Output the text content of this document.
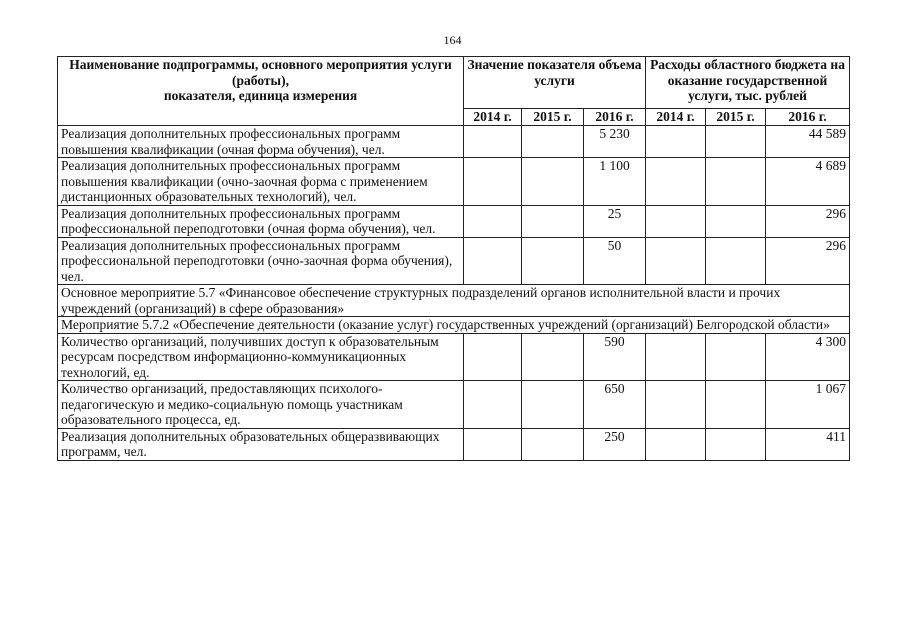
164
Наименование подпрограммы, основного мероприятия услуги (работы),
показателя, единица измерения	Значение показателя объема услуги			Расходы областного бюджета на оказание государственной услуги, тыс. рублей		
	2014 г.	2015 г.	2016 г.	2014 г.	2015 г.	2016 г.
Реализация дополнительных профессиональных программ повышения квалификации (очная форма обучения), чел.			5 230			44 589
Реализация дополнительных профессиональных программ повышения квалификации (очно-заочная форма с применением дистанционных образовательных технологий), чел.			1 100			4 689
Реализация дополнительных профессиональных программ профессиональной переподготовки (очная форма обучения), чел.			25			296
Реализация дополнительных профессиональных программ профессиональной переподготовки (очно-заочная форма обучения), чел.			50			296
Основное мероприятие 5.7 «Финансовое обеспечение структурных подразделений органов исполнительной власти и прочих учреждений (организаций) в сфере образования»						
Мероприятие 5.7.2 «Обеспечение деятельности (оказание услуг) государственных учреждений (организаций) Белгородской области»						
Количество организаций, получивших доступ к образовательным ресурсам посредством информационно-коммуникационных технологий, ед.			590			4 300
Количество организаций, предоставляющих психолого-педагогическую и медико-социальную помощь участникам образовательного процесса, ед.			650			1 067
Реализация дополнительных образовательных общеразвивающих программ, чел.			250			411
